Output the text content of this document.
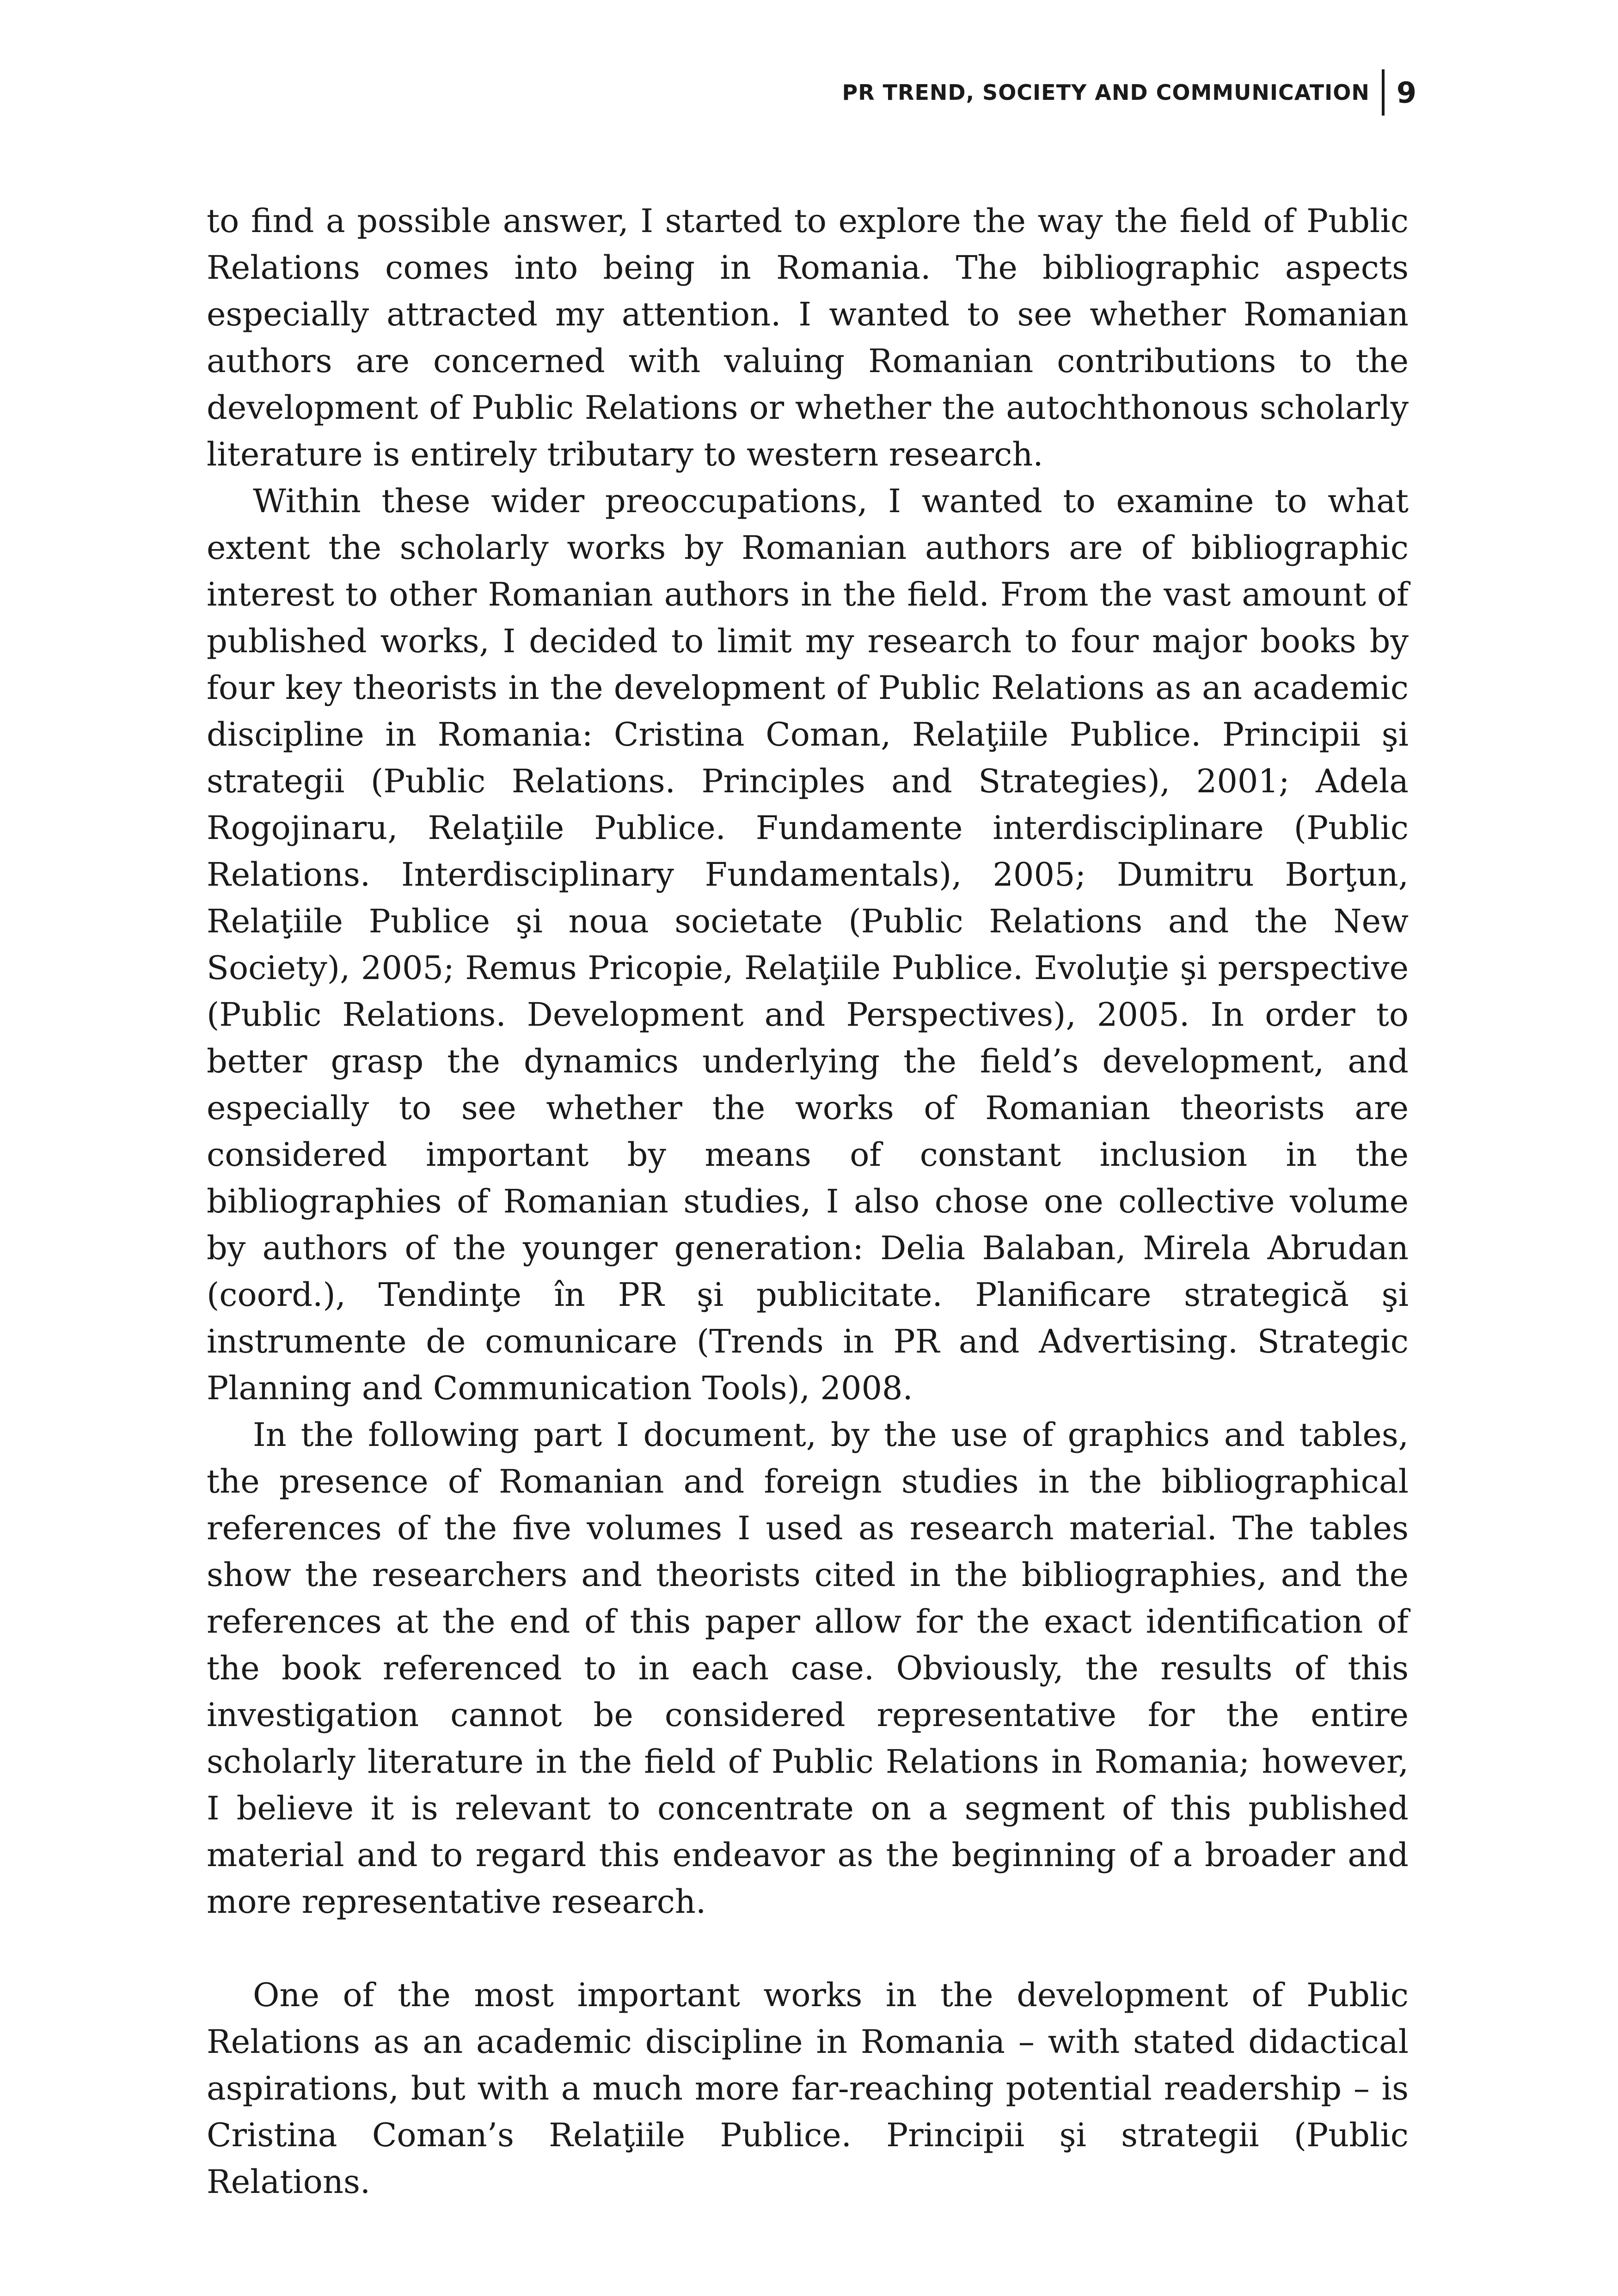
PR TREND, SOCIETY AND COMMUNICATION 9

to find a possible answer, I started to explore the way the field of Public Relations comes into being in Romania. The bibliographic aspects especially attracted my attention. I wanted to see whether Romanian authors are concerned with valuing Romanian contributions to the development of Public Relations or whether the autochthonous scholarly literature is entirely tributary to western research.

Within these wider preoccupations, I wanted to examine to what extent the scholarly works by Romanian authors are of bibliographic interest to other Romanian authors in the field. From the vast amount of published works, I decided to limit my research to four major books by four key theorists in the development of Public Relations as an academic discipline in Romania: Cristina Coman, Relaţiile Publice. Principii şi strategii (Public Relations. Principles and Strategies), 2001; Adela Rogojinaru, Relaţiile Publice. Fundamente interdisciplinare (Public Relations. Interdisciplinary Fundamentals), 2005; Dumitru Borţun, Relaţiile Publice şi noua societate (Public Relations and the New Society), 2005; Remus Pricopie, Relaţiile Publice. Evoluţie şi perspective (Public Relations. Development and Perspectives), 2005. In order to better grasp the dynamics underlying the field’s development, and especially to see whether the works of Romanian theorists are considered important by means of constant inclusion in the bibliographies of Romanian studies, I also chose one collective volume by authors of the younger generation: Delia Balaban, Mirela Abrudan (coord.), Tendinţe în PR şi publicitate. Planificare strategică şi instrumente de comunicare (Trends in PR and Advertising. Strategic Planning and Communication Tools), 2008.

In the following part I document, by the use of graphics and tables, the presence of Romanian and foreign studies in the bibliographical references of the five volumes I used as research material. The tables show the researchers and theorists cited in the bibliographies, and the references at the end of this paper allow for the exact identification of the book referenced to in each case. Obviously, the results of this investigation cannot be considered representative for the entire scholarly literature in the field of Public Relations in Romania; however, I believe it is relevant to concentrate on a segment of this published material and to regard this endeavor as the beginning of a broader and more representative research.

One of the most important works in the development of Public Relations as an academic discipline in Romania – with stated didactical aspirations, but with a much more far-reaching potential readership – is Cristina Coman’s Relaţiile Publice. Principii şi strategii (Public Relations.
